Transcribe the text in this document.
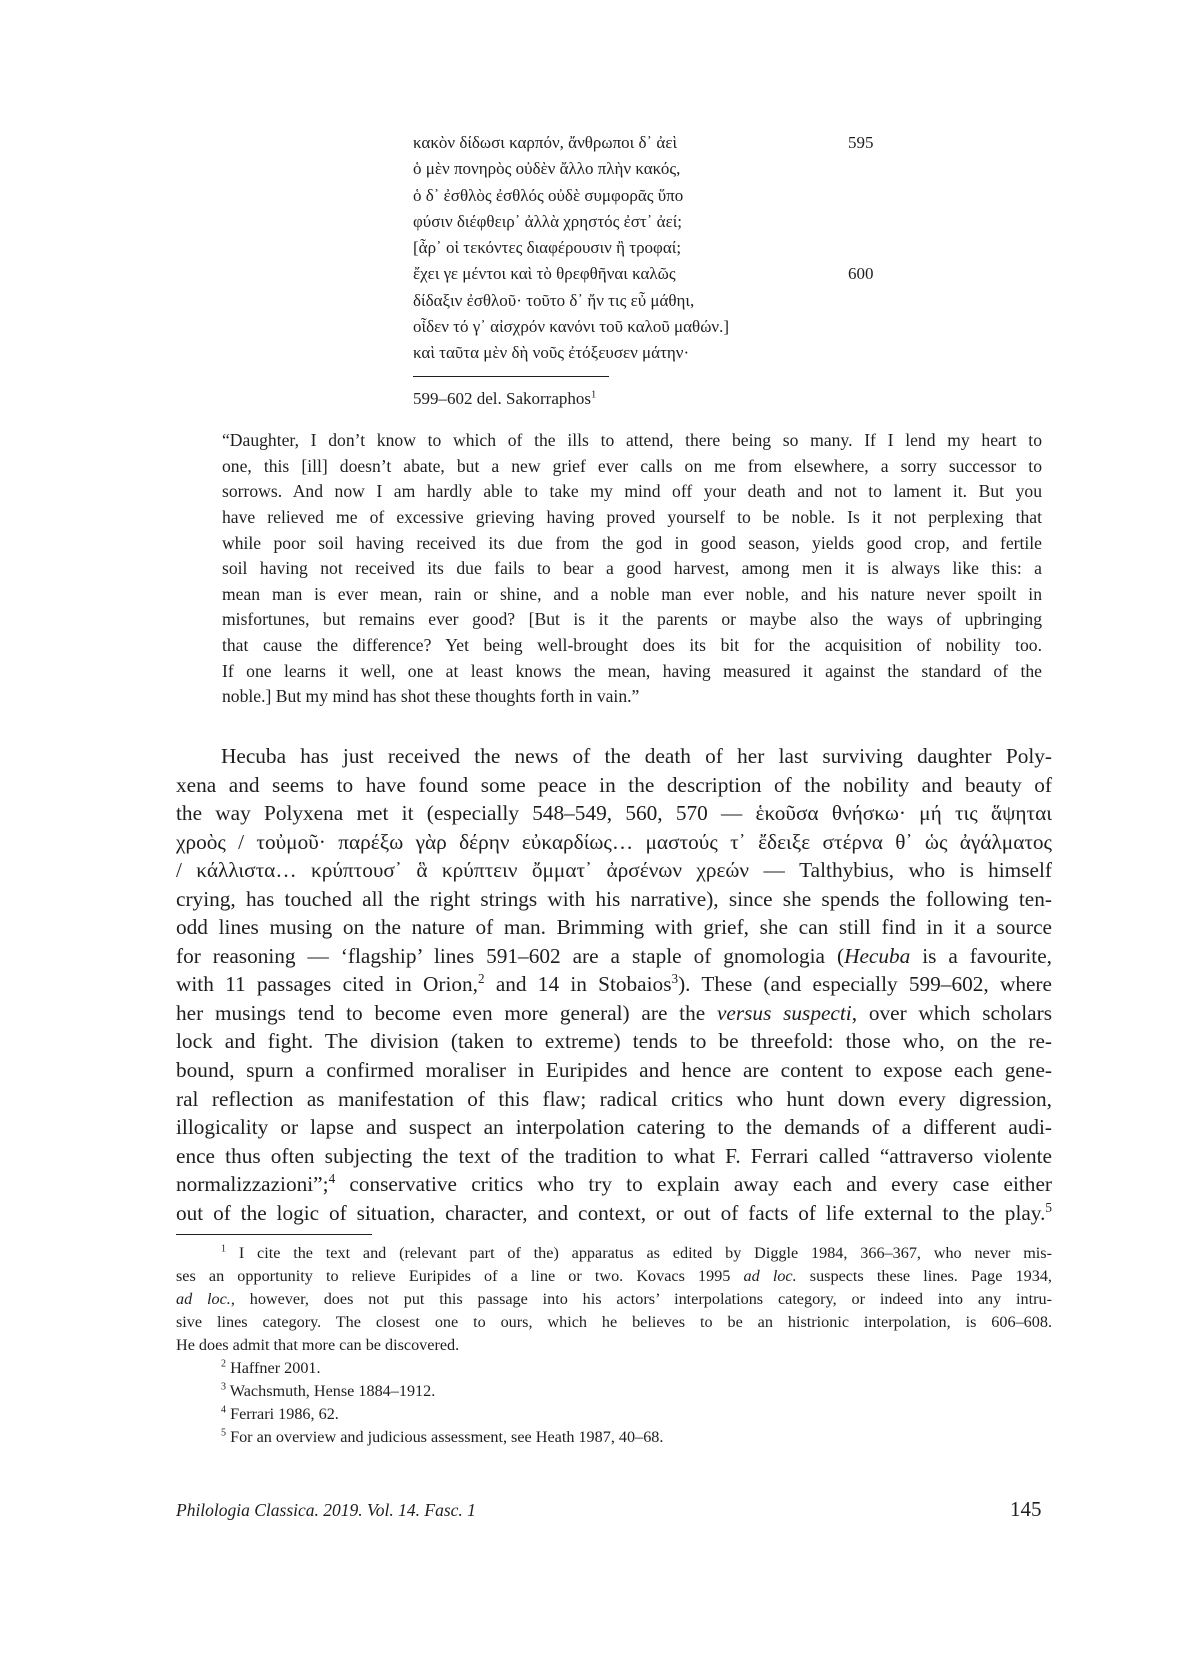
κακὸν δίδωσι καρπόν, ἄνθρωποι δ᾽ ἀεὶ	595
ὁ μὲν πονηρὸς οὐδὲν ἄλλο πλὴν κακός,
ὁ δ᾽ ἐσθλὸς ἐσθλός οὐδὲ συμφορᾶς ὕπο
φύσιν διέφθειρ᾽ ἀλλὰ χρηστός ἐστ᾽ ἀεί;
[ἆρ᾽ οἱ τεκόντες διαφέρουσιν ἢ τροφαί;
ἔχει γε μέντοι καὶ τὸ θρεφθῆναι καλῶς	600
δίδαξιν ἐσθλοῦ· τοῦτο δ᾽ ἤν τις εὖ μάθηι,
οἶδεν τό γ᾽ αἰσχρόν κανόνι τοῦ καλοῦ μαθών.]
καὶ ταῦτα μὲν δὴ νοῦς ἐτόξευσεν μάτην·
599–602 del. Sakorraphos$^1$
“Daughter, I don’t know to which of the ills to attend, there being so many. If I lend my heart to
one, this [ill] doesn’t abate, but a new grief ever calls on me from elsewhere, a sorry successor to
sorrows. And now I am hardly able to take my mind off your death and not to lament it. But you
have relieved me of excessive grieving having proved yourself to be noble. Is it not perplexing that
while poor soil having received its due from the god in good season, yields good crop, and fertile
soil having not received its due fails to bear a good harvest, among men it is always like this: a
mean man is ever mean, rain or shine, and a noble man ever noble, and his nature never spoilt in
misfortunes, but remains ever good? [But is it the parents or maybe also the ways of upbringing
that cause the difference? Yet being well-brought does its bit for the acquisition of nobility too.
If one learns it well, one at least knows the mean, having measured it against the standard of the
noble.] But my mind has shot these thoughts forth in vain.”
Hecuba has just received the news of the death of her last surviving daughter Poly-
xena and seems to have found some peace in the description of the nobility and beauty of
the way Polyxena met it (especially 548–549, 560, 570 — ἑκοῦσα θνήσκω· μή τις ἅψηται
χροὸς / τοὐμοῦ· παρέξω γὰρ δέρην εὐκαρδίως… μαστούς τ᾽ ἔδειξε στέρνα θ᾽ ὡς ἀγάλματος
/ κάλλιστα… κρύπτουσ᾽ ἃ κρύπτειν ὄμματ᾽ ἀρσένων χρεών — Talthybius, who is himself
crying, has touched all the right strings with his narrative), since she spends the following ten-
odd lines musing on the nature of man. Brimming with grief, she can still find in it a source
for reasoning — ‘flagship’ lines 591–602 are a staple of gnomologia (Hecuba is a favourite,
with 11 passages cited in Orion,$^2$ and 14 in Stobaios$^3$). These (and especially 599–602, where
her musings tend to become even more general) are the versus suspecti, over which scholars
lock and fight. The division (taken to extreme) tends to be threefold: those who, on the re-
bound, spurn a confirmed moraliser in Euripides and hence are content to expose each gene-
ral reflection as manifestation of this flaw; radical critics who hunt down every digression,
illogicality or lapse and suspect an interpolation catering to the demands of a different audi-
ence thus often subjecting the text of the tradition to what F. Ferrari called “attraverso violente
normalizzazioni”;$^4$ conservative critics who try to explain away each and every case either
out of the logic of situation, character, and context, or out of facts of life external to the play.$^5$
$^1$ I cite the text and (relevant part of the) apparatus as edited by Diggle 1984, 366–367, who never mis-
ses an opportunity to relieve Euripides of a line or two. Kovacs 1995 ad loc. suspects these lines. Page 1934,
ad loc., however, does not put this passage into his actors’ interpolations category, or indeed into any intru-
sive lines category. The closest one to ours, which he believes to be an histrionic interpolation, is 606–608.
He does admit that more can be discovered.
$^2$ Haffner 2001.
$^3$ Wachsmuth, Hense 1884–1912.
$^4$ Ferrari 1986, 62.
$^5$ For an overview and judicious assessment, see Heath 1987, 40–68.
Philologia Classica. 2019. Vol. 14. Fasc. 1	145
